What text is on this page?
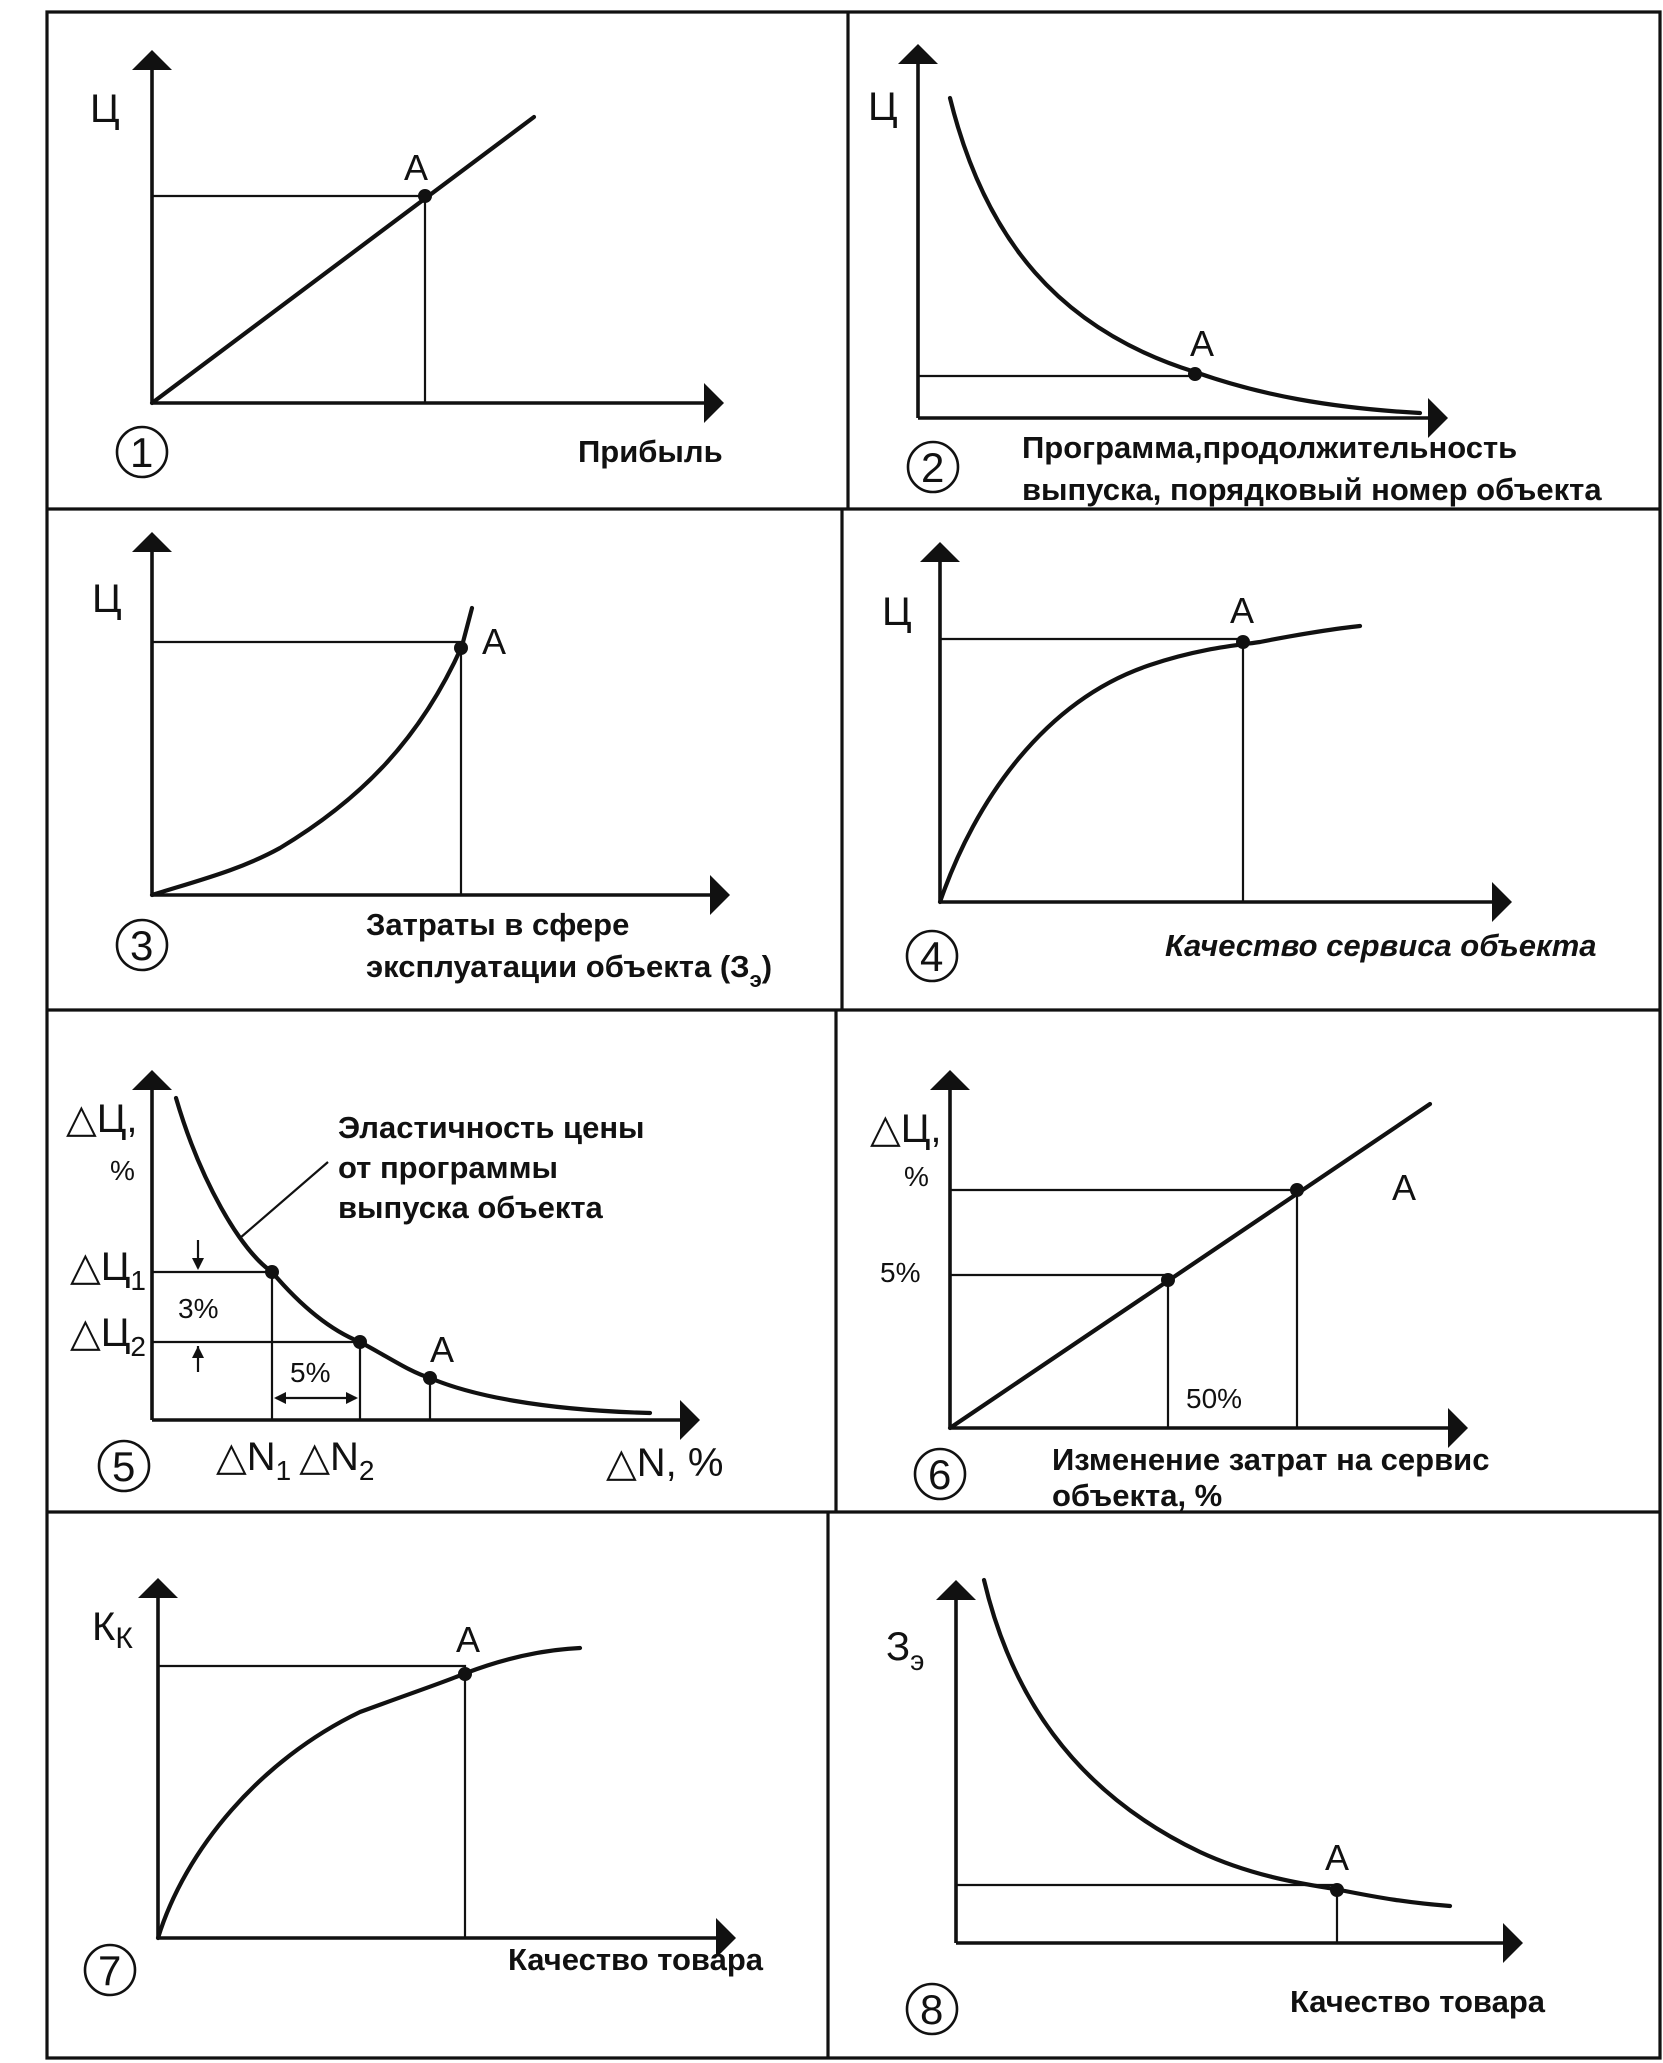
А
Ц
Прибыль
1
А
Ц
Программа,продолжительность
выпуска, порядковый номер объекта
2
А
Ц
Затраты в сфере
эксплуатации объекта $(З_э)$
3
А
Ц
Качество сервиса объекта
4
А
Эластичность цены
от программы
выпуска объекта
△Ц,
%
$\triangle Ц_1$
$\triangle Ц_2$
3%
5%
$\triangle N_1$ $\triangle N_2$	△N, %
5
А
△Ц,
%
5%
50%
Изменение затрат на сервис
объекта, %
6
А
$К_К$
Качество товара
7
А
$З_э$
Качество товара
8
